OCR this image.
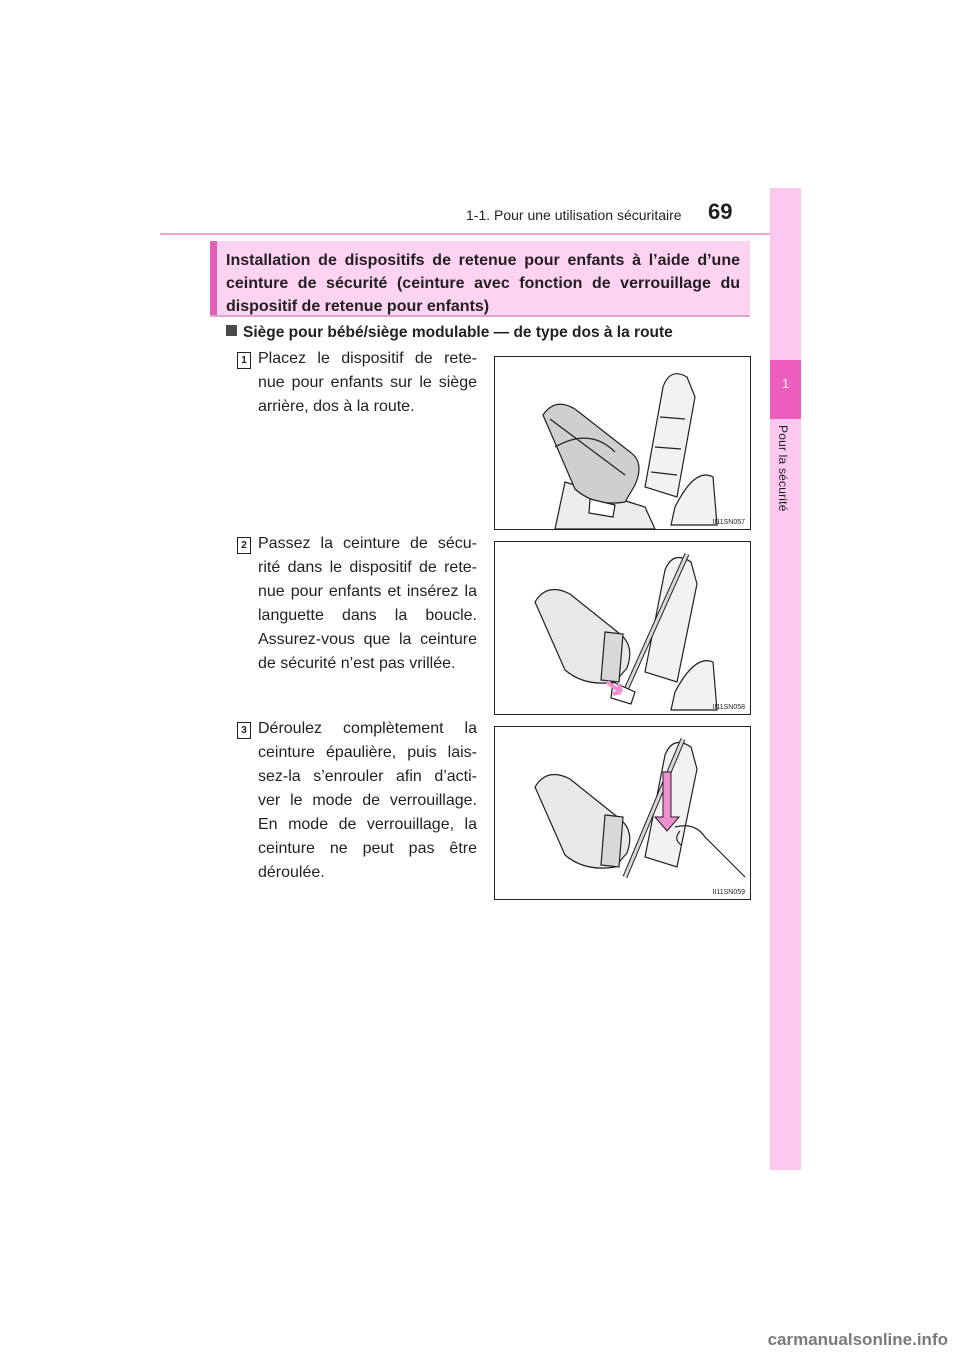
1-1. Pour une utilisation sécuritaire 69
1
Pour la sécurité
Installation de dispositifs de retenue pour enfants à l’aide d’une ceinture de sécurité (ceinture avec fonction de verrouillage du dispositif de retenue pour enfants)
Siège pour bébé/siège modulable — de type dos à la route
1 Placez le dispositif de rete- nue pour enfants sur le siège arrière, dos à la route.
II11SN057
2 Passez la ceinture de sécu- rité dans le dispositif de rete- nue pour enfants et insérez la languette dans la boucle. Assurez-vous que la ceinture de sécurité n’est pas vrillée.
II11SN058
3 Déroulez complètement la ceinture épaulière, puis lais- sez-la s’enrouler afin d’acti- ver le mode de verrouillage. En mode de verrouillage, la ceinture ne peut pas être déroulée.
II11SN059
carmanualsonline.info
